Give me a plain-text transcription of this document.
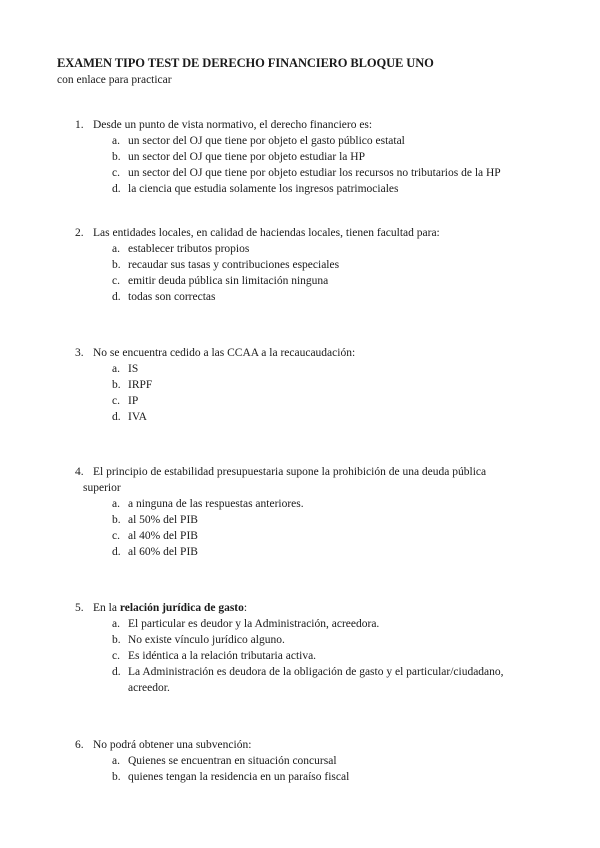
EXAMEN TIPO TEST DE DERECHO FINANCIERO BLOQUE UNO
con enlace para practicar
1. Desde un punto de vista normativo, el derecho financiero es:
a. un sector del OJ que tiene por objeto el gasto público estatal
b. un sector del OJ que tiene por objeto estudiar la HP
c. un sector del OJ que tiene por objeto estudiar los recursos no tributarios de la HP
d. la ciencia que estudia solamente los ingresos patrimociales
2. Las entidades locales, en calidad de haciendas locales, tienen facultad para:
a. establecer tributos propios
b. recaudar sus tasas y contribuciones especiales
c. emitir deuda pública sin limitación ninguna
d. todas son correctas
3. No se encuentra cedido a las CCAA a la recaucaudación:
a. IS
b. IRPF
c. IP
d. IVA
4. El principio de estabilidad presupuestaria supone la prohibición de una deuda pública
superior
a. a ninguna de las respuestas anteriores.
b. al 50% del PIB
c. al 40% del PIB
d. al 60% del PIB
5. En la relación jurídica de gasto:
a. El particular es deudor y la Administración, acreedora.
b. No existe vínculo jurídico alguno.
c. Es idéntica a la relación tributaria activa.
d. La Administración es deudora de la obligación de gasto y el particular/ciudadano,
acreedor.
6. No podrá obtener una subvención:
a. Quienes se encuentran en situación concursal
b. quienes tengan la residencia en un paraíso fiscal
